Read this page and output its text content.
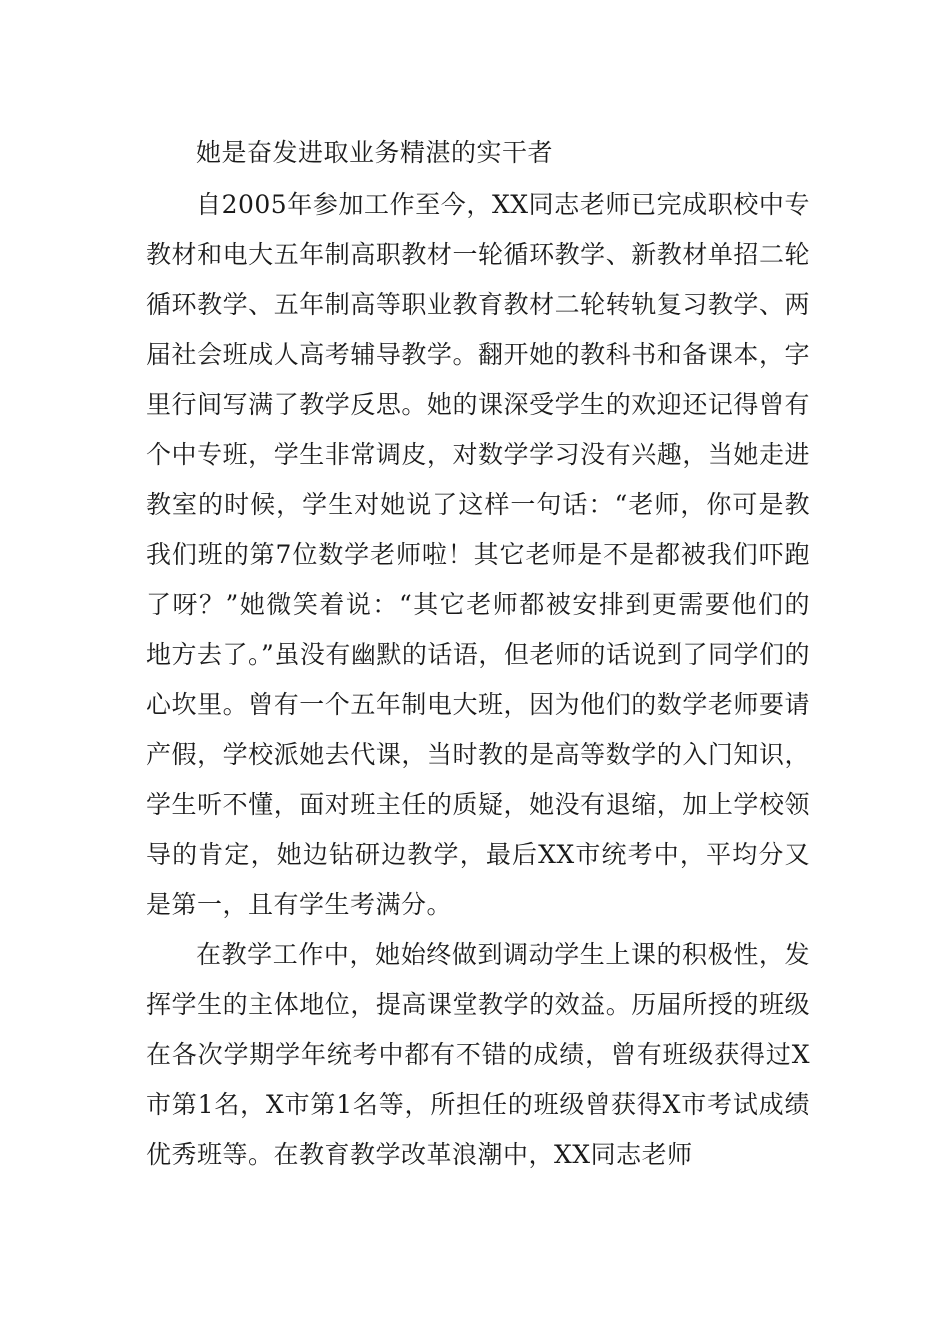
她是奋发进取业务精湛的实干者

自2005年参加工作至今，XX同志老师已完成职校中专教材和电大五年制高职教材一轮循环教学、新教材单招二轮循环教学、五年制高等职业教育教材二轮转轨复习教学、两届社会班成人高考辅导教学。翻开她的教科书和备课本，字里行间写满了教学反思。她的课深受学生的欢迎还记得曾有个中专班，学生非常调皮，对数学学习没有兴趣，当她走进教室的时候，学生对她说了这样一句话：“老师，你可是教我们班的第7位数学老师啦！其它老师是不是都被我们吓跑了呀？”她微笑着说：“其它老师都被安排到更需要他们的地方去了。”虽没有幽默的话语，但老师的话说到了同学们的心坎里。曾有一个五年制电大班，因为他们的数学老师要请产假，学校派她去代课，当时教的是高等数学的入门知识，学生听不懂，面对班主任的质疑，她没有退缩，加上学校领导的肯定，她边钻研边教学，最后XX市统考中，平均分又是第一，且有学生考满分。

在教学工作中，她始终做到调动学生上课的积极性，发挥学生的主体地位，提高课堂教学的效益。历届所授的班级在各次学期学年统考中都有不错的成绩，曾有班级获得过X市第1名，X市第1名等，所担任的班级曾获得X市考试成绩优秀班等。在教育教学改革浪潮中，XX同志老师
